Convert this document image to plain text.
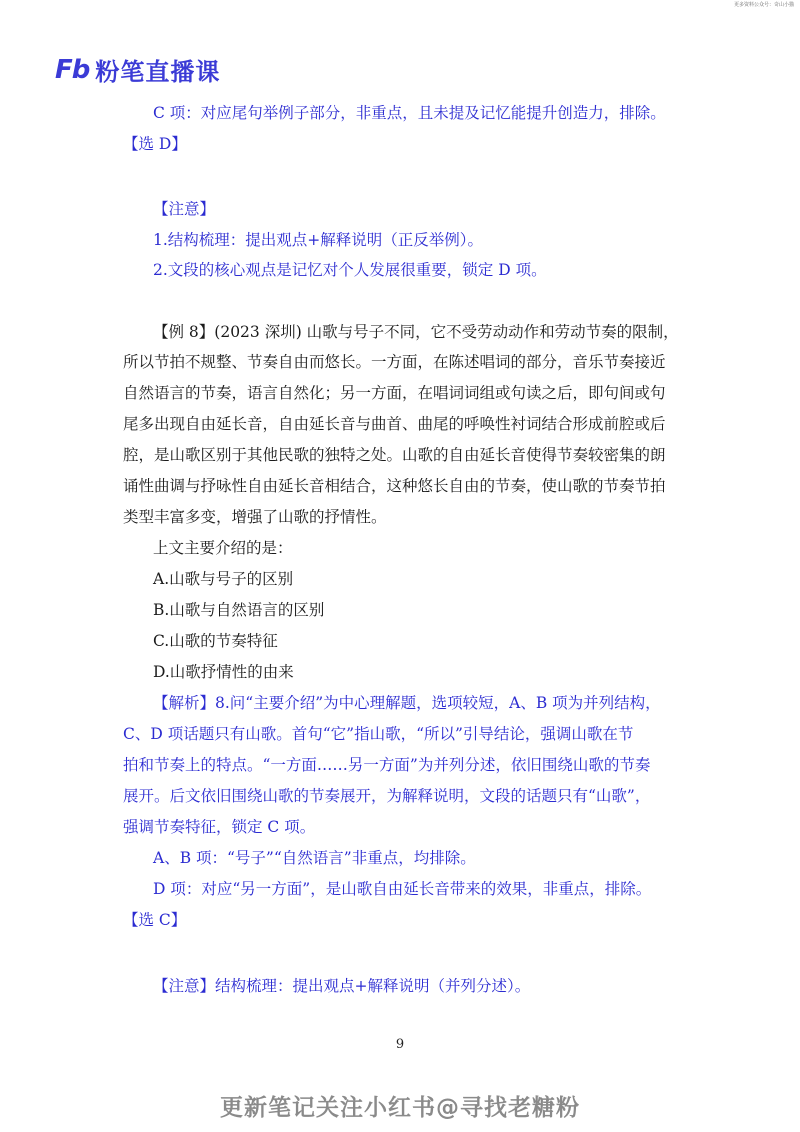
更多资料公众号：奇山小猫
Fb 粉笔直播课
C 项：对应尾句举例子部分，非重点，且未提及记忆能提升创造力，排除。
【选 D】
【注意】
1.结构梳理：提出观点+解释说明（正反举例）。
2.文段的核心观点是记忆对个人发展很重要，锁定 D 项。
【例 8】(2023 深圳) 山歌与号子不同，它不受劳动动作和劳动节奏的限制，
所以节拍不规整、节奏自由而悠长。一方面，在陈述唱词的部分，音乐节奏接近
自然语言的节奏，语言自然化；另一方面，在唱词词组或句读之后，即句间或句
尾多出现自由延长音，自由延长音与曲首、曲尾的呼唤性衬词结合形成前腔或后
腔，是山歌区别于其他民歌的独特之处。山歌的自由延长音使得节奏较密集的朗
诵性曲调与抒咏性自由延长音相结合，这种悠长自由的节奏，使山歌的节奏节拍
类型丰富多变，增强了山歌的抒情性。
上文主要介绍的是：
A.山歌与号子的区别
B.山歌与自然语言的区别
C.山歌的节奏特征
D.山歌抒情性的由来
【解析】8.问“主要介绍”为中心理解题，选项较短，A、B 项为并列结构，
C、D 项话题只有山歌。首句“它”指山歌，“所以”引导结论，强调山歌在节
拍和节奏上的特点。“一方面……另一方面”为并列分述，依旧围绕山歌的节奏
展开。后文依旧围绕山歌的节奏展开，为解释说明，文段的话题只有“山歌”，
强调节奏特征，锁定 C 项。
A、B 项：“号子”“自然语言”非重点，均排除。
D 项：对应“另一方面”，是山歌自由延长音带来的效果，非重点，排除。
【选 C】
【注意】结构梳理：提出观点+解释说明（并列分述）。
9
更新笔记关注小红书@寻找老糖粉
